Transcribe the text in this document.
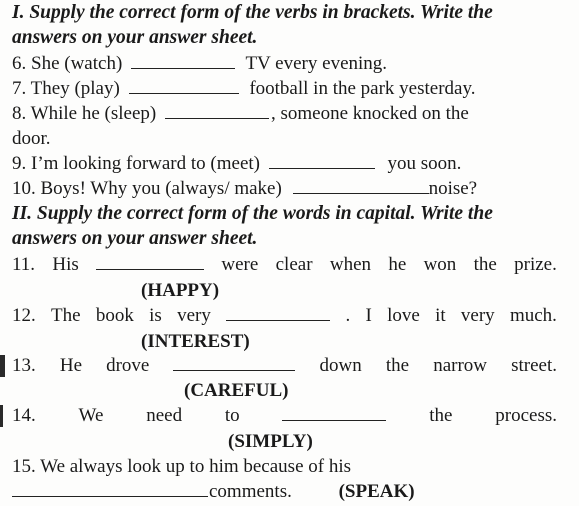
I. Supply the correct form of the verbs in brackets. Write the
answers on your answer sheet.
6. She (watch)	TV every evening.
7. They (play)	football in the park yesterday.
8. While he (sleep)	, someone knocked on the
door.
9. I’m looking forward to (meet)	you soon.
10. Boys! Why you (always/ make)	noise?
II. Supply the correct form of the words in capital. Write the
answers on your answer sheet.
11. His	were clear when he won the prize.
(HAPPY)
12. The book is very	. I love it very much.
(INTEREST)
13. He drove	down the narrow street.
(CAREFUL)
14. We need to	the process.
(SIMPLY)
15. We always look up to him because of his
comments. (SPEAK)
